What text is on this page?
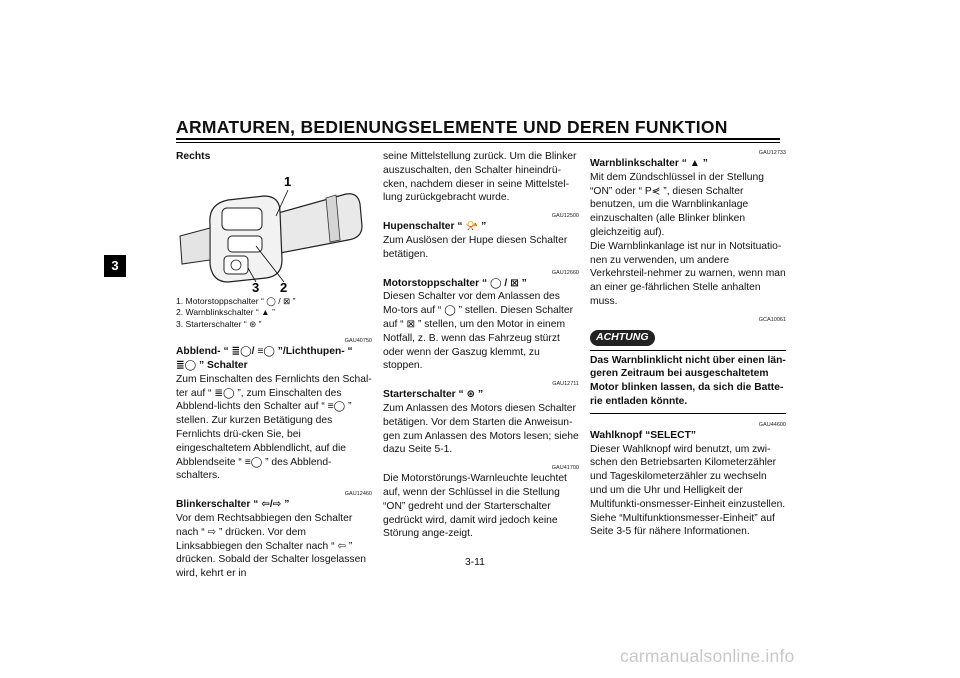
ARMATUREN, BEDIENUNGSELEMENTE UND DEREN FUNKTION
3

Rechts

1
3 2
1. Motorstoppschalter “ ◯ / ⊠ ”
2. Warnblinkschalter “ ▲ ”
3. Starterschalter “ ⊛ ”

GAU40750

Abblend- “ ≣◯/ ≡◯ ”/Lichthupen- “ ≣◯ ” Schalter

Zum Einschalten des Fernlichts den Schal-ter auf “ ≣◯ ”, zum Einschalten des Abblend-lichts den Schalter auf “ ≡◯ ” stellen. Zur kurzen Betätigung des Fernlichts drü-cken Sie, bei eingeschaltetem Abblendlicht, auf die Abblendseite “ ≡◯ ” des Abblend-schalters.

GAU12460

Blinkerschalter “ ⇦/⇨ ”

Vor dem Rechtsabbiegen den Schalter nach “ ⇨ ” drücken. Vor dem Linksabbiegen den Schalter nach “ ⇦ ” drücken. Sobald der Schalter losgelassen wird, kehrt er in

seine Mittelstellung zurück. Um die Blinker auszuschalten, den Schalter hineindrü-cken, nachdem dieser in seine Mittelstel-lung zurückgebracht wurde.

GAU12500

Hupenschalter “ 📯 ”

Zum Auslösen der Hupe diesen Schalter betätigen.

GAU12660

Motorstoppschalter “ ◯ / ⊠ ”

Diesen Schalter vor dem Anlassen des Mo-tors auf “ ◯ ” stellen. Diesen Schalter auf “ ⊠ ” stellen, um den Motor in einem Notfall, z. B. wenn das Fahrzeug stürzt oder wenn der Gaszug klemmt, zu stoppen.

GAU12711

Starterschalter “ ⊛ ”

Zum Anlassen des Motors diesen Schalter betätigen. Vor dem Starten die Anweisun-gen zum Anlassen des Motors lesen; siehe dazu Seite 5-1.

GAU41700

Die Motorstörungs-Warnleuchte leuchtet auf, wenn der Schlüssel in die Stellung “ON” gedreht und der Starterschalter gedrückt wird, damit wird jedoch keine Störung ange-zeigt.

GAU12733

Warnblinkschalter “ ▲ ”

Mit dem Zündschlüssel in der Stellung “ON” oder “ P⋞ ”, diesen Schalter benutzen, um die Warnblinkanlage einzuschalten (alle Blinker blinken gleichzeitig auf).

Die Warnblinkanlage ist nur in Notsituatio-nen zu verwenden, um andere Verkehrsteil-nehmer zu warnen, wenn man an einer ge-fährlichen Stelle anhalten muss.

GCA10061

ACHTUNG
Das Warnblinklicht nicht über einen län-geren Zeitraum bei ausgeschaltetem Motor blinken lassen, da sich die Batte-rie entladen könnte.

GAU44600

Wahlknopf “SELECT”

Dieser Wahlknopf wird benutzt, um zwi-schen den Betriebsarten Kilometerzähler und Tageskilometerzähler zu wechseln und um die Uhr und Helligkeit der Multifunkti-onsmesser-Einheit einzustellen.

Siehe “Multifunktionsmesser-Einheit” auf Seite 3-5 für nähere Informationen.

3-11
carmanualsonline.info
